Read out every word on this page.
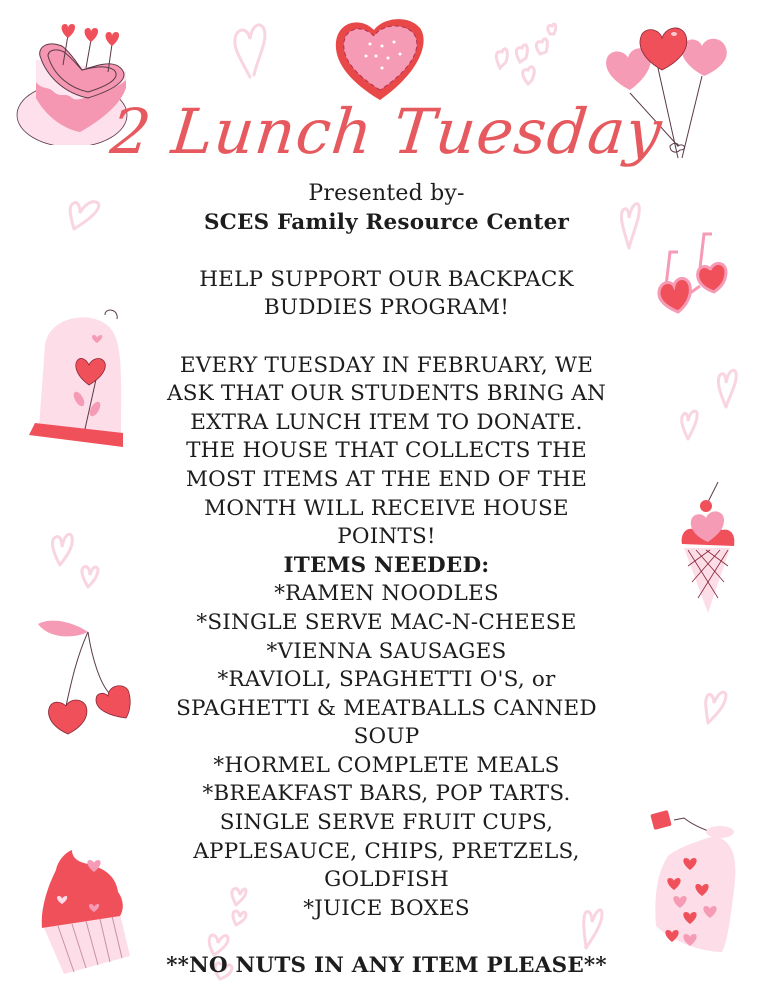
2 Lunch Tuesday
Presented by-
SCES Family Resource Center
HELP SUPPORT OUR BACKPACK
BUDDIES PROGRAM!
EVERY TUESDAY IN FEBRUARY, WE
ASK THAT OUR STUDENTS BRING AN
EXTRA LUNCH ITEM TO DONATE.
THE HOUSE THAT COLLECTS THE
MOST ITEMS AT THE END OF THE
MONTH WILL RECEIVE HOUSE
POINTS!
ITEMS NEEDED:
*RAMEN NOODLES
*SINGLE SERVE MAC-N-CHEESE
*VIENNA SAUSAGES
*RAVIOLI, SPAGHETTI O'S, or
SPAGHETTI & MEATBALLS CANNED
SOUP
*HORMEL COMPLETE MEALS
*BREAKFAST BARS, POP TARTS.
SINGLE SERVE FRUIT CUPS,
APPLESAUCE, CHIPS, PRETZELS,
GOLDFISH
*JUICE BOXES
**NO NUTS IN ANY ITEM PLEASE**
